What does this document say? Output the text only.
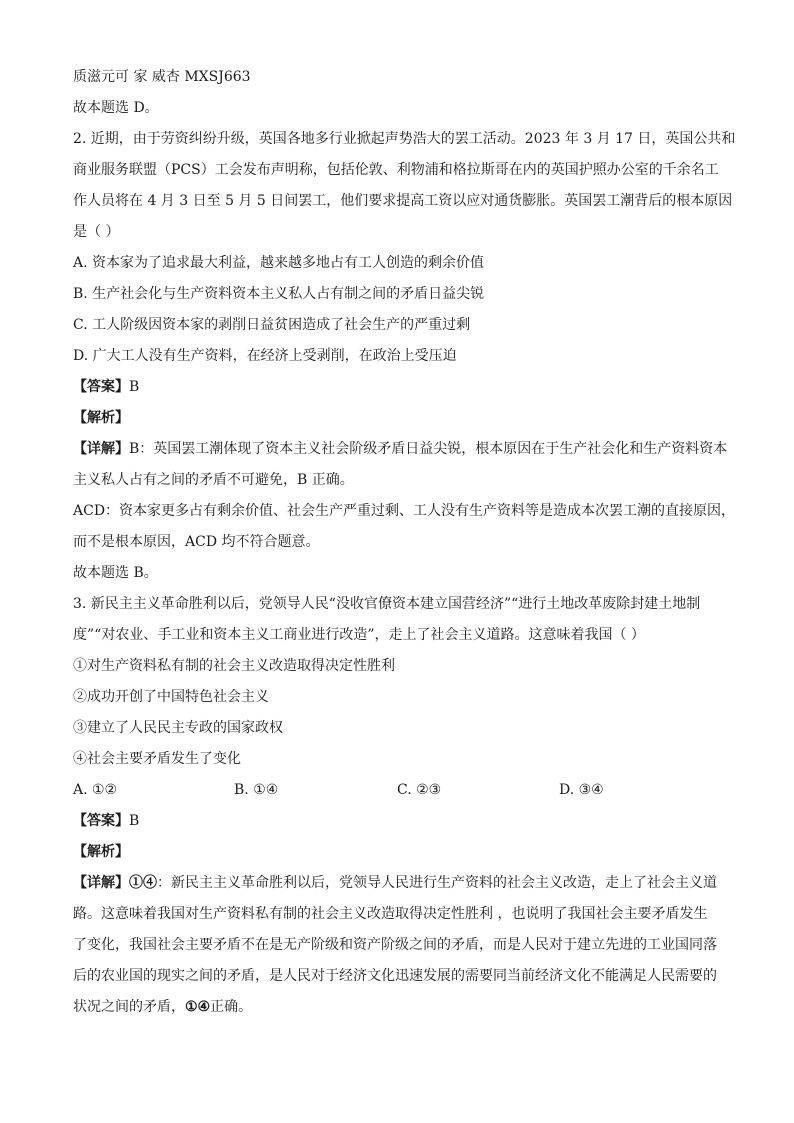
质滋元可 家 威杏 MXSJ663
故本题选 D。
2. 近期，由于劳资纠纷升级，英国各地多行业掀起声势浩大的罢工活动。2023 年 3 月 17 日，英国公共和
商业服务联盟（PCS）工会发布声明称，包括伦敦、利物浦和格拉斯哥在内的英国护照办公室的千余名工
作人员将在 4 月 3 日至 5 月 5 日间罢工，他们要求提高工资以应对通货膨胀。英国罢工潮背后的根本原因
是（ ）
A. 资本家为了追求最大利益，越来越多地占有工人创造的剩余价值
B. 生产社会化与生产资料资本主义私人占有制之间的矛盾日益尖锐
C. 工人阶级因资本家的剥削日益贫困造成了社会生产的严重过剩
D. 广大工人没有生产资料，在经济上受剥削，在政治上受压迫
【答案】B
【解析】
【详解】B：英国罢工潮体现了资本主义社会阶级矛盾日益尖锐，根本原因在于生产社会化和生产资料资本
主义私人占有之间的矛盾不可避免，B 正确。
ACD：资本家更多占有剩余价值、社会生产严重过剩、工人没有生产资料等是造成本次罢工潮的直接原因，
而不是根本原因，ACD 均不符合题意。
故本题选 B。
3. 新民主主义革命胜利以后，党领导人民“没收官僚资本建立国营经济”“进行土地改革废除封建土地制
度”“对农业、手工业和资本主义工商业进行改造”，走上了社会主义道路。这意味着我国（ ）
①对生产资料私有制的社会主义改造取得决定性胜利
②成功开创了中国特色社会主义
③建立了人民民主专政的国家政权
④社会主要矛盾发生了变化
A. ①②	B. ①④	C. ②③	D. ③④
【答案】B
【解析】
【详解】①④：新民主主义革命胜利以后，党领导人民进行生产资料的社会主义改造，走上了社会主义道
路。这意味着我国对生产资料私有制的社会主义改造取得决定性胜利 ，也说明了我国社会主要矛盾发生
了变化，我国社会主要矛盾不在是无产阶级和资产阶级之间的矛盾，而是人民对于建立先进的工业国同落
后的农业国的现实之间的矛盾，是人民对于经济文化迅速发展的需要同当前经济文化不能满足人民需要的
状况之间的矛盾，①④正确。
